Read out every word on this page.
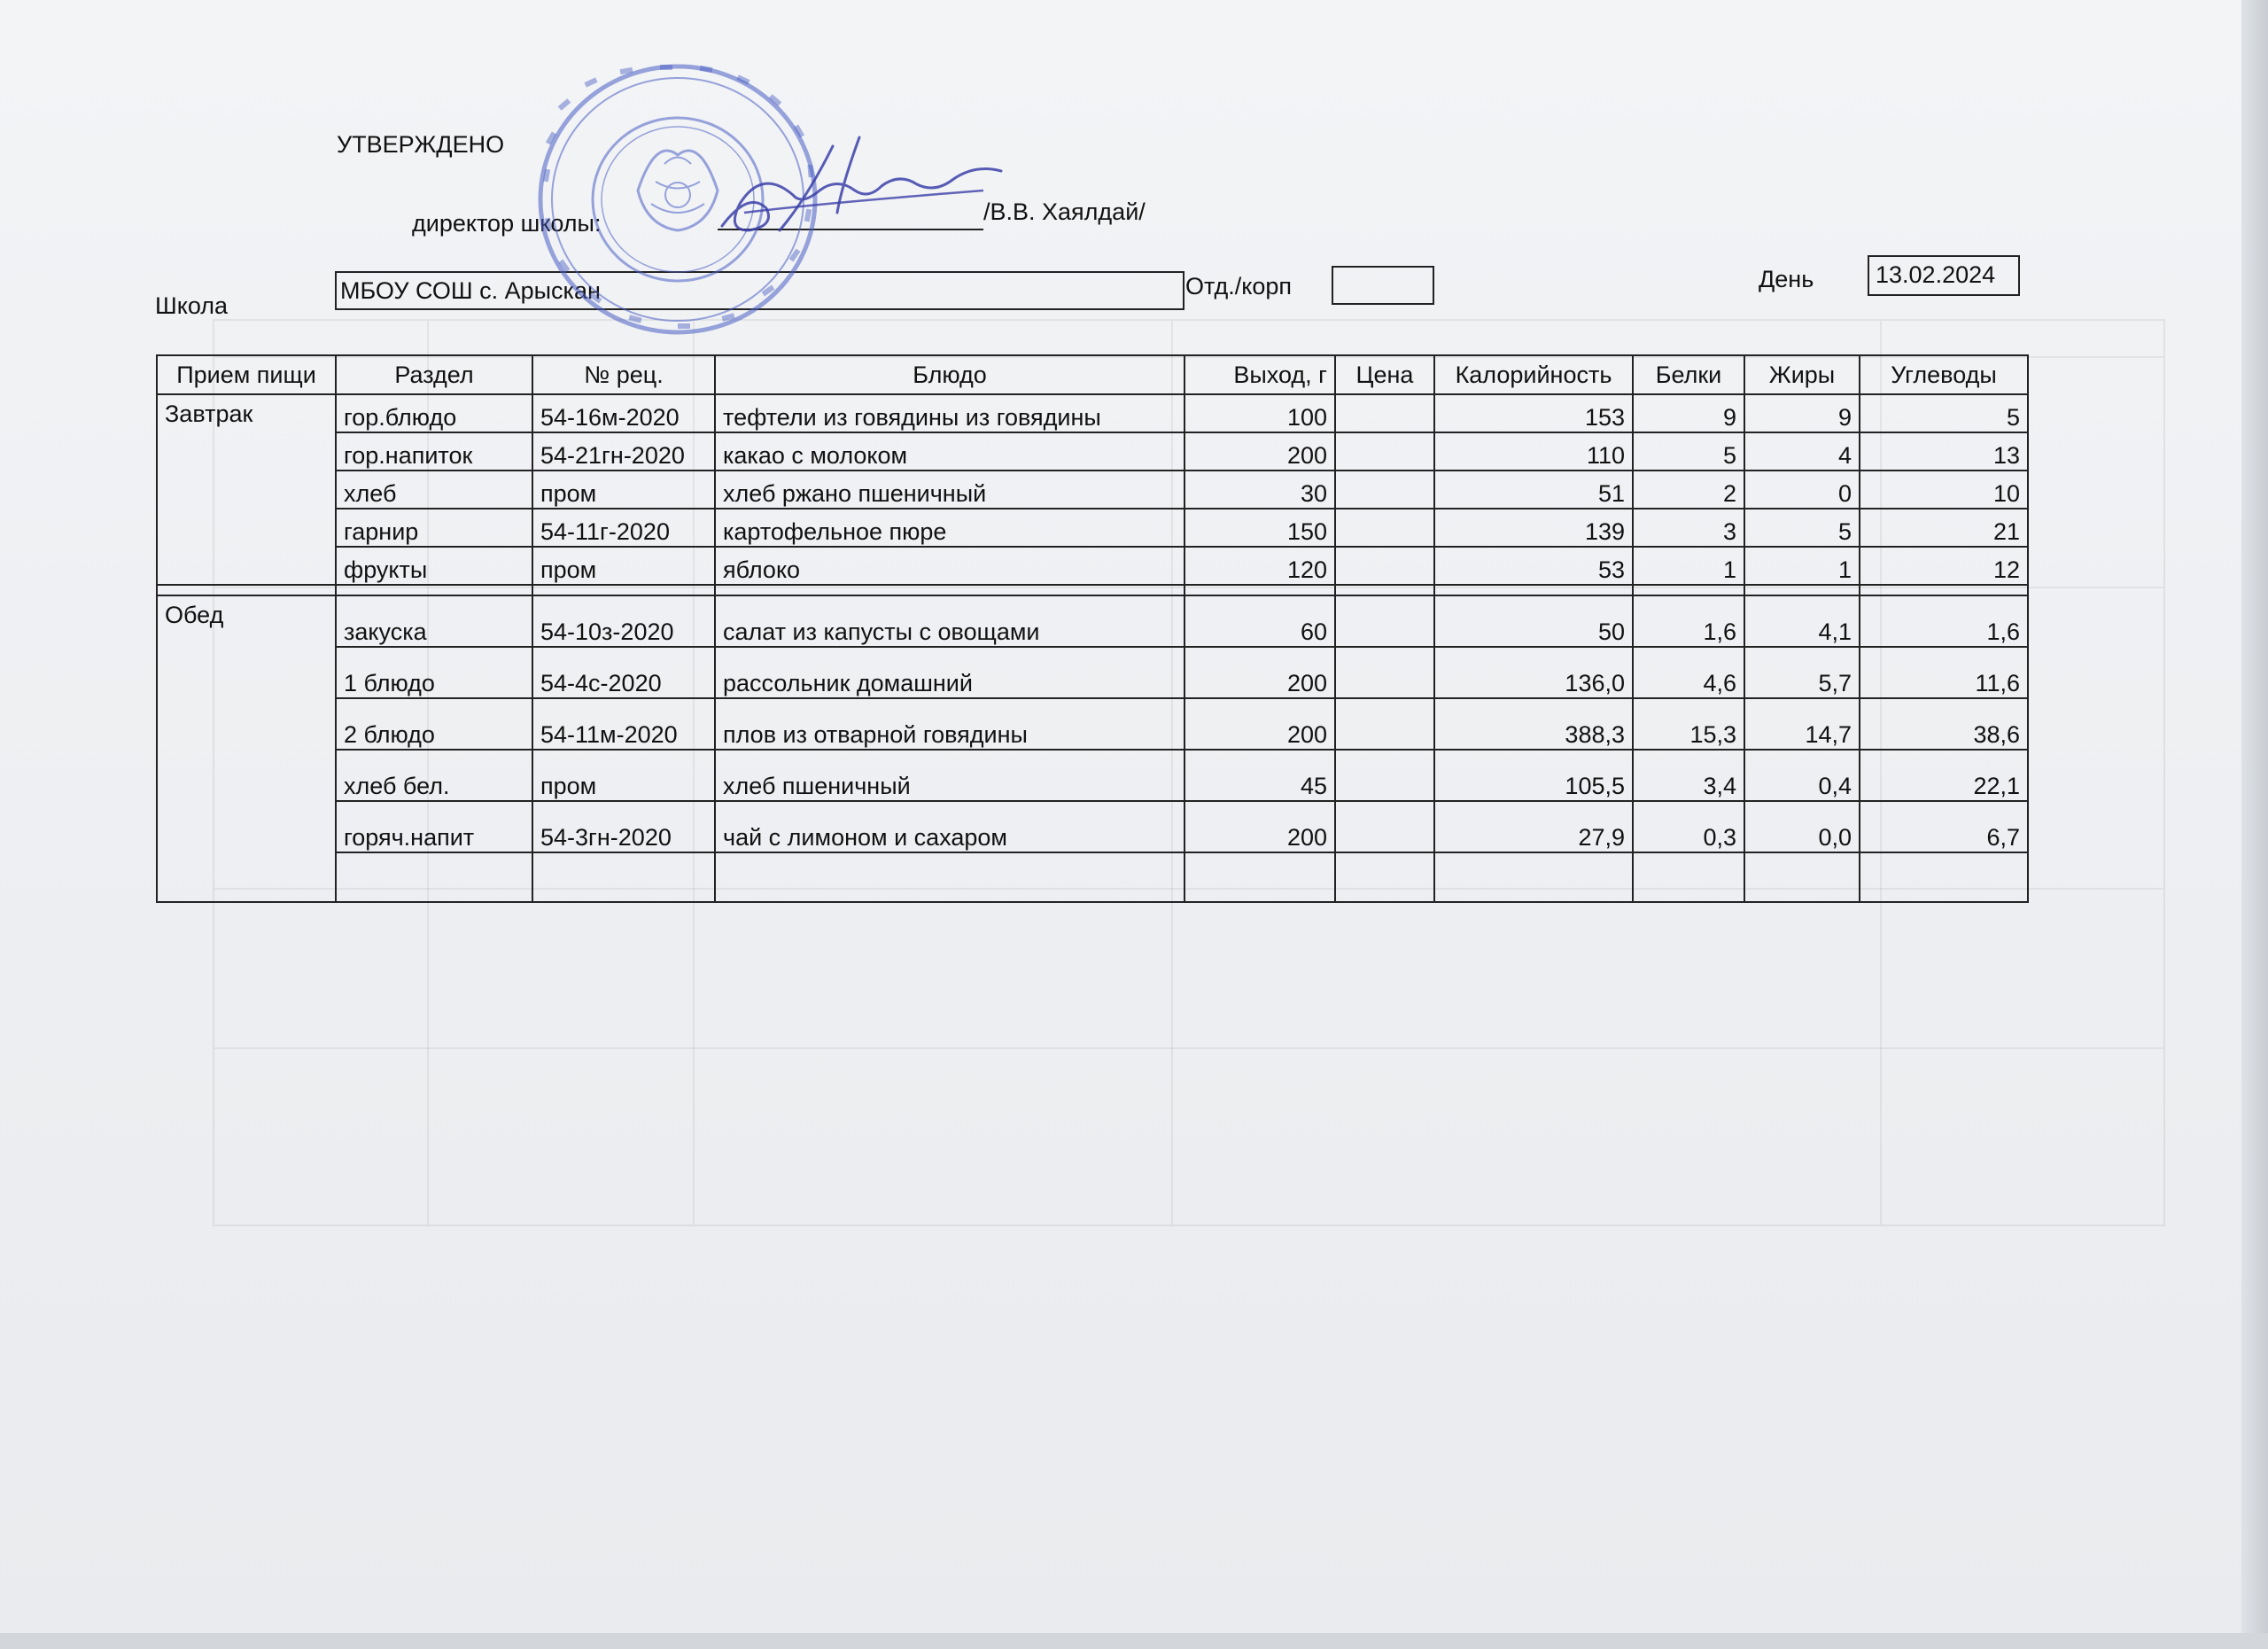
УТВЕРЖДЕНО
директор школы:	/В.В. Хаялдай/
Школа
МБОУ СОШ с. Арыскан	Отд./корп	День	13.02.2024
Прием пищи	Раздел	№ рец.	Блюдо	Выход, г	Цена	Калорийность	Белки	Жиры	Углеводы
Завтрак	гор.блюдо	54-16м-2020	тефтели из говядины из говядины	100		153	9	9	5
	гор.напиток	54-21гн-2020	какао с молоком	200		110	5	4	13
	хлеб	пром	хлеб ржано пшеничный	30		51	2	0	10
	гарнир	54-11г-2020	картофельное пюре	150		139	3	5	21
	фрукты	пром	яблоко	120		53	1	1	12

Обед	закуска	54-10з-2020	салат из капусты с овощами	60		50	1,6	4,1	1,6
	1 блюдо	54-4с-2020	рассольник домашний	200		136,0	4,6	5,7	11,6
	2 блюдо	54-11м-2020	плов из отварной говядины	200		388,3	15,3	14,7	38,6
	хлеб бел.	пром	хлеб пшеничный	45		105,5	3,4	0,4	22,1
	горяч.напит	54-3гн-2020	чай с лимоном и сахаром	200		27,9	0,3	0,0	6,7
